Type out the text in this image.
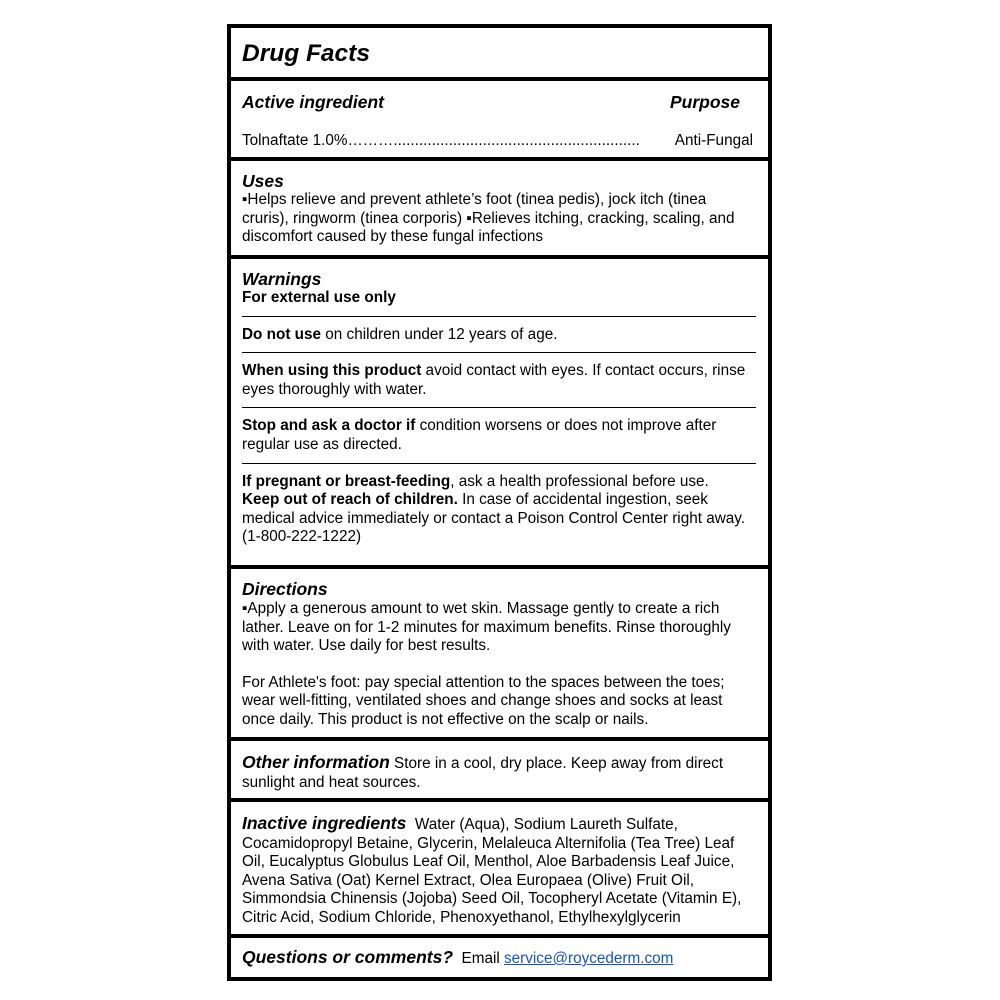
Drug Facts
Active ingredient	Purpose
Tolnaftate 1.0%……….......................................................... Anti-Fungal
Uses
▪Helps relieve and prevent athlete’s foot (tinea pedis), jock itch (tinea cruris), ringworm (tinea corporis) ▪Relieves itching, cracking, scaling, and discomfort caused by these fungal infections
Warnings
For external use only
Do not use on children under 12 years of age.
When using this product avoid contact with eyes. If contact occurs, rinse eyes thoroughly with water.
Stop and ask a doctor if condition worsens or does not improve after regular use as directed.
If pregnant or breast‑feeding, ask a health professional before use.
Keep out of reach of children. In case of accidental ingestion, seek medical advice immediately or contact a Poison Control Center right away. (1-800-222-1222)
Directions
▪Apply a generous amount to wet skin. Massage gently to create a rich lather. Leave on for 1-2 minutes for maximum benefits. Rinse thoroughly with water. Use daily for best results.
For Athlete's foot: pay special attention to the spaces between the toes; wear well-fitting, ventilated shoes and change shoes and socks at least once daily. This product is not effective on the scalp or nails.
Other information Store in a cool, dry place. Keep away from direct sunlight and heat sources.
Inactive ingredients  Water (Aqua), Sodium Laureth Sulfate, Cocamidopropyl Betaine, Glycerin, Melaleuca Alternifolia (Tea Tree) Leaf Oil, Eucalyptus Globulus Leaf Oil, Menthol, Aloe Barbadensis Leaf Juice, Avena Sativa (Oat) Kernel Extract, Olea Europaea (Olive) Fruit Oil, Simmondsia Chinensis (Jojoba) Seed Oil, Tocopheryl Acetate (Vitamin E), Citric Acid, Sodium Chloride, Phenoxyethanol, Ethylhexylglycerin
Questions or comments?  Email service@roycederm.com
